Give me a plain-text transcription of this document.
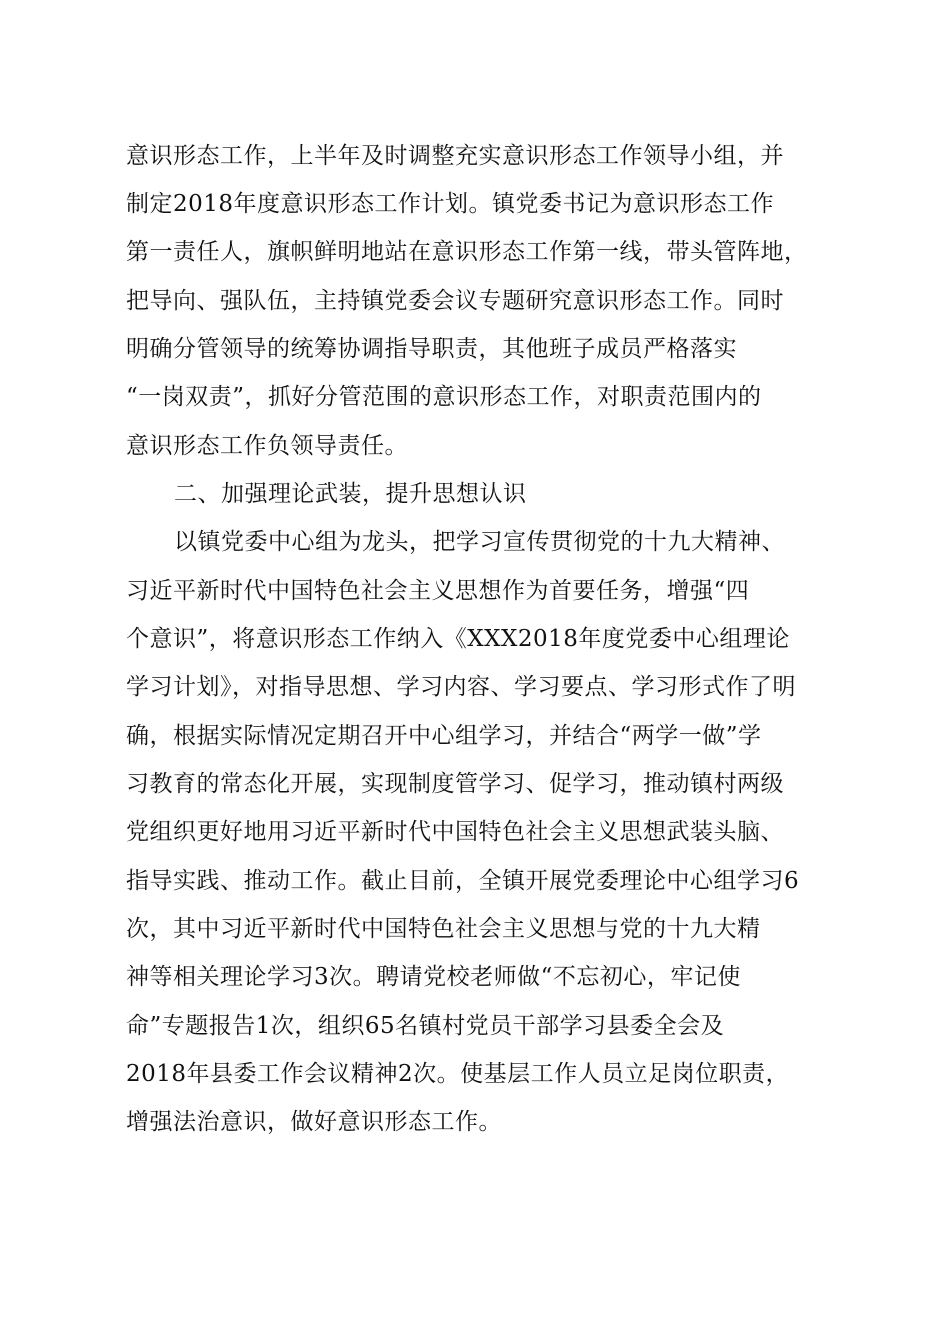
意识形态工作，上半年及时调整充实意识形态工作领导小组，并
制定2018年度意识形态工作计划。镇党委书记为意识形态工作
第一责任人，旗帜鲜明地站在意识形态工作第一线，带头管阵地，
把导向、强队伍，主持镇党委会议专题研究意识形态工作。同时
明确分管领导的统筹协调指导职责，其他班子成员严格落实
“一岗双责”，抓好分管范围的意识形态工作，对职责范围内的
意识形态工作负领导责任。
二、加强理论武装，提升思想认识
以镇党委中心组为龙头，把学习宣传贯彻党的十九大精神、
习近平新时代中国特色社会主义思想作为首要任务，增强“四
个意识”，将意识形态工作纳入《XXX2018年度党委中心组理论
学习计划》，对指导思想、学习内容、学习要点、学习形式作了明
确，根据实际情况定期召开中心组学习，并结合“两学一做”学
习教育的常态化开展，实现制度管学习、促学习，推动镇村两级
党组织更好地用习近平新时代中国特色社会主义思想武装头脑、
指导实践、推动工作。截止目前，全镇开展党委理论中心组学习6
次，其中习近平新时代中国特色社会主义思想与党的十九大精
神等相关理论学习3次。聘请党校老师做“不忘初心，牢记使
命”专题报告1次，组织65名镇村党员干部学习县委全会及
2018年县委工作会议精神2次。使基层工作人员立足岗位职责，
增强法治意识，做好意识形态工作。
